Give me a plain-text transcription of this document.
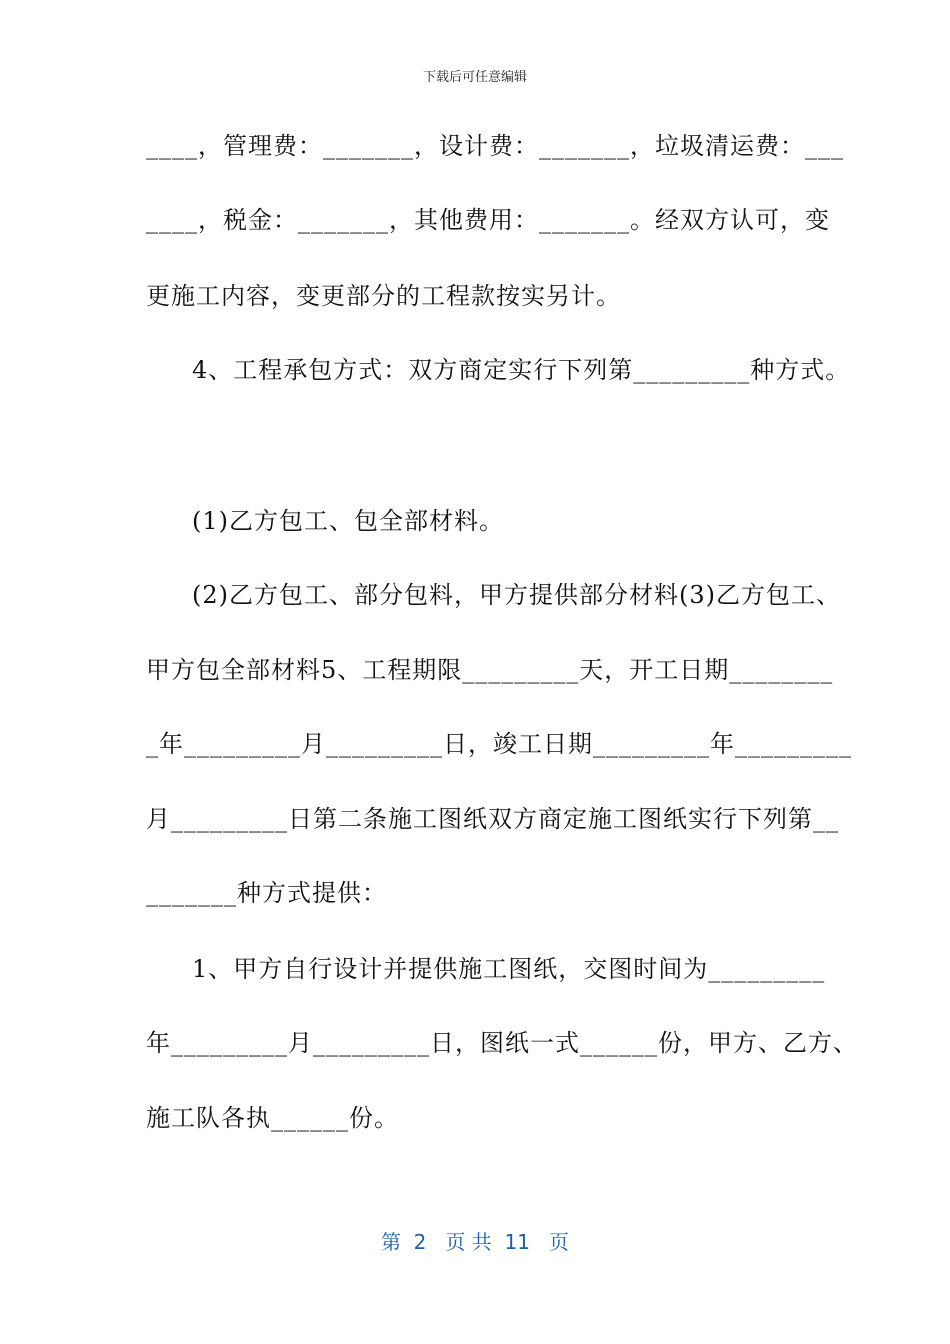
下载后可任意编辑
____，管理费：_______，设计费：_______，垃圾清运费：___
____，税金：_______，其他费用：_______。经双方认可，变
更施工内容，变更部分的工程款按实另计。
4、工程承包方式：双方商定实行下列第_________种方式。
(1)乙方包工、包全部材料。
(2)乙方包工、部分包料，甲方提供部分材料(3)乙方包工、
甲方包全部材料5、工程期限_________天，开工日期________
_年_________月_________日，竣工日期_________年_________
月_________日第二条施工图纸双方商定施工图纸实行下列第__
_______种方式提供：
1、甲方自行设计并提供施工图纸，交图时间为_________
年_________月_________日，图纸一式______份，甲方、乙方、
施工队各执______份。
第  2   页 共  11   页
